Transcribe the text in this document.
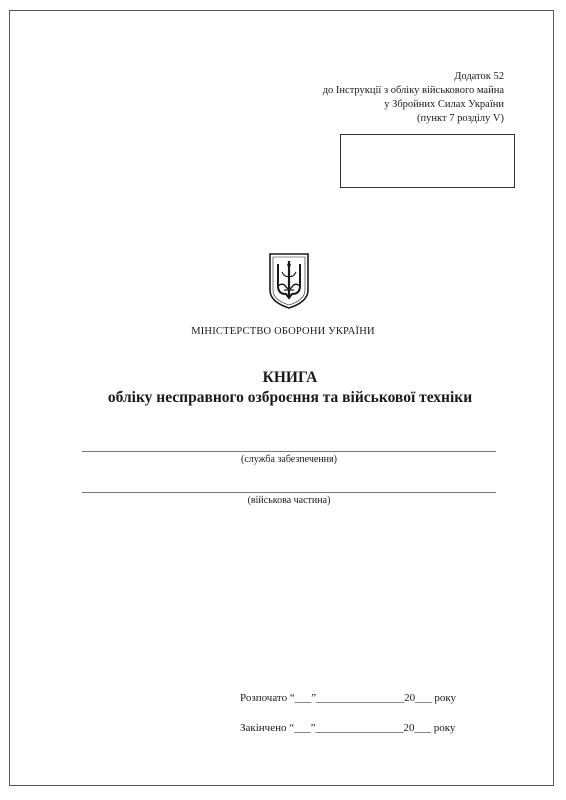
Додаток 52
до Інструкції з обліку військового майна
у Збройних Силах України
(пункт 7 розділу V)
МІНІСТЕРСТВО ОБОРОНИ УКРАЇНИ
КНИГА
обліку несправного озброєння та військової техніки
(служба забезпечення)
(військова частина)
Розпочато “___”________________20___ року
Закінчено “___”________________20___ року
